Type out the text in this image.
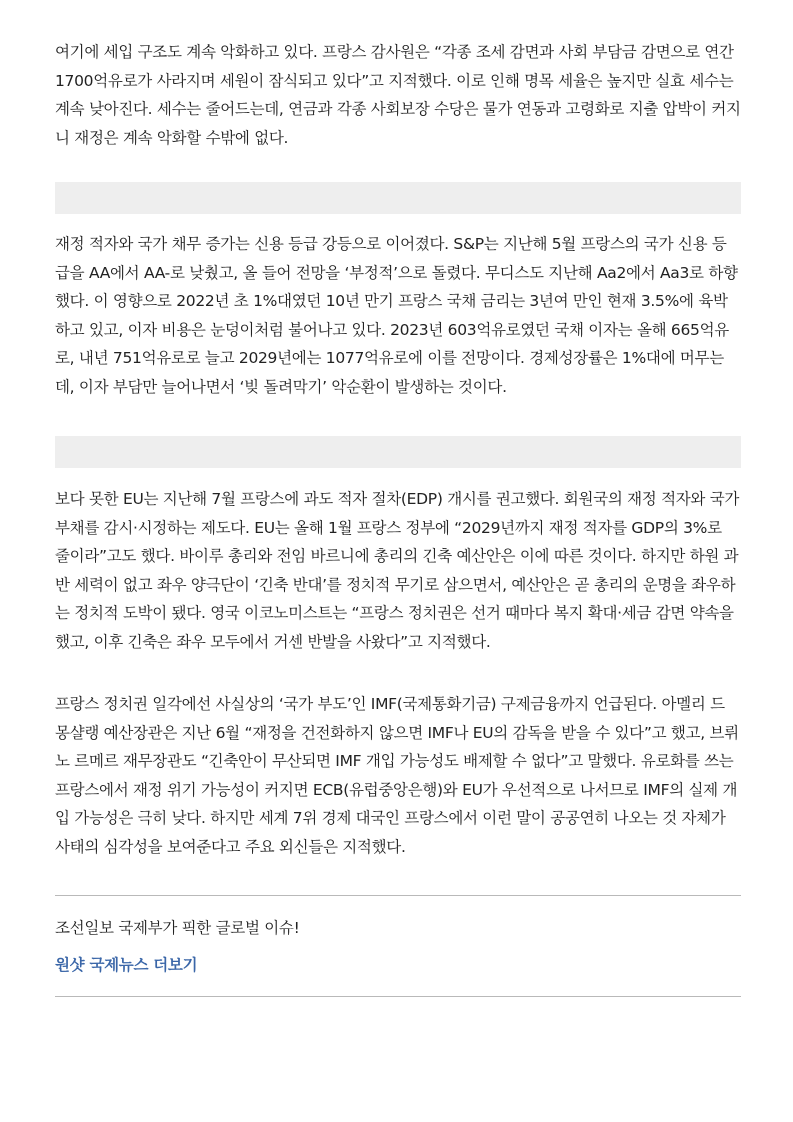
여기에 세입 구조도 계속 악화하고 있다. 프랑스 감사원은 “각종 조세 감면과 사회 부담금 감면으로 연간 1700억유로가 사라지며 세원이 잠식되고 있다”고 지적했다. 이로 인해 명목 세율은 높지만 실효 세수는 계속 낮아진다. 세수는 줄어드는데, 연금과 각종 사회보장 수당은 물가 연동과 고령화로 지출 압박이 커지니 재정은 계속 악화할 수밖에 없다.

재정 적자와 국가 채무 증가는 신용 등급 강등으로 이어졌다. S&P는 지난해 5월 프랑스의 국가 신용 등급을 AA에서 AA-로 낮췄고, 올 들어 전망을 ‘부정적’으로 돌렸다. 무디스도 지난해 Aa2에서 Aa3로 하향했다. 이 영향으로 2022년 초 1%대였던 10년 만기 프랑스 국채 금리는 3년여 만인 현재 3.5%에 육박하고 있고, 이자 비용은 눈덩이처럼 불어나고 있다. 2023년 603억유로였던 국채 이자는 올해 665억유로, 내년 751억유로로 늘고 2029년에는 1077억유로에 이를 전망이다. 경제성장률은 1%대에 머무는데, 이자 부담만 늘어나면서 ‘빚 돌려막기’ 악순환이 발생하는 것이다.

보다 못한 EU는 지난해 7월 프랑스에 과도 적자 절차(EDP) 개시를 권고했다. 회원국의 재정 적자와 국가 부채를 감시·시정하는 제도다. EU는 올해 1월 프랑스 정부에 “2029년까지 재정 적자를 GDP의 3%로 줄이라”고도 했다. 바이루 총리와 전임 바르니에 총리의 긴축 예산안은 이에 따른 것이다. 하지만 하원 과반 세력이 없고 좌우 양극단이 ‘긴축 반대’를 정치적 무기로 삼으면서, 예산안은 곧 총리의 운명을 좌우하는 정치적 도박이 됐다. 영국 이코노미스트는 “프랑스 정치권은 선거 때마다 복지 확대·세금 감면 약속을 했고, 이후 긴축은 좌우 모두에서 거센 반발을 사왔다”고 지적했다.

프랑스 정치권 일각에선 사실상의 ‘국가 부도’인 IMF(국제통화기금) 구제금융까지 언급된다. 아멜리 드 몽샬랭 예산장관은 지난 6월 “재정을 건전화하지 않으면 IMF나 EU의 감독을 받을 수 있다”고 했고, 브뤼노 르메르 재무장관도 “긴축안이 무산되면 IMF 개입 가능성도 배제할 수 없다”고 말했다. 유로화를 쓰는 프랑스에서 재정 위기 가능성이 커지면 ECB(유럽중앙은행)와 EU가 우선적으로 나서므로 IMF의 실제 개입 가능성은 극히 낮다. 하지만 세계 7위 경제 대국인 프랑스에서 이런 말이 공공연히 나오는 것 자체가 사태의 심각성을 보여준다고 주요 외신들은 지적했다.

조선일보 국제부가 픽한 글로벌 이슈!
원샷 국제뉴스 더보기
